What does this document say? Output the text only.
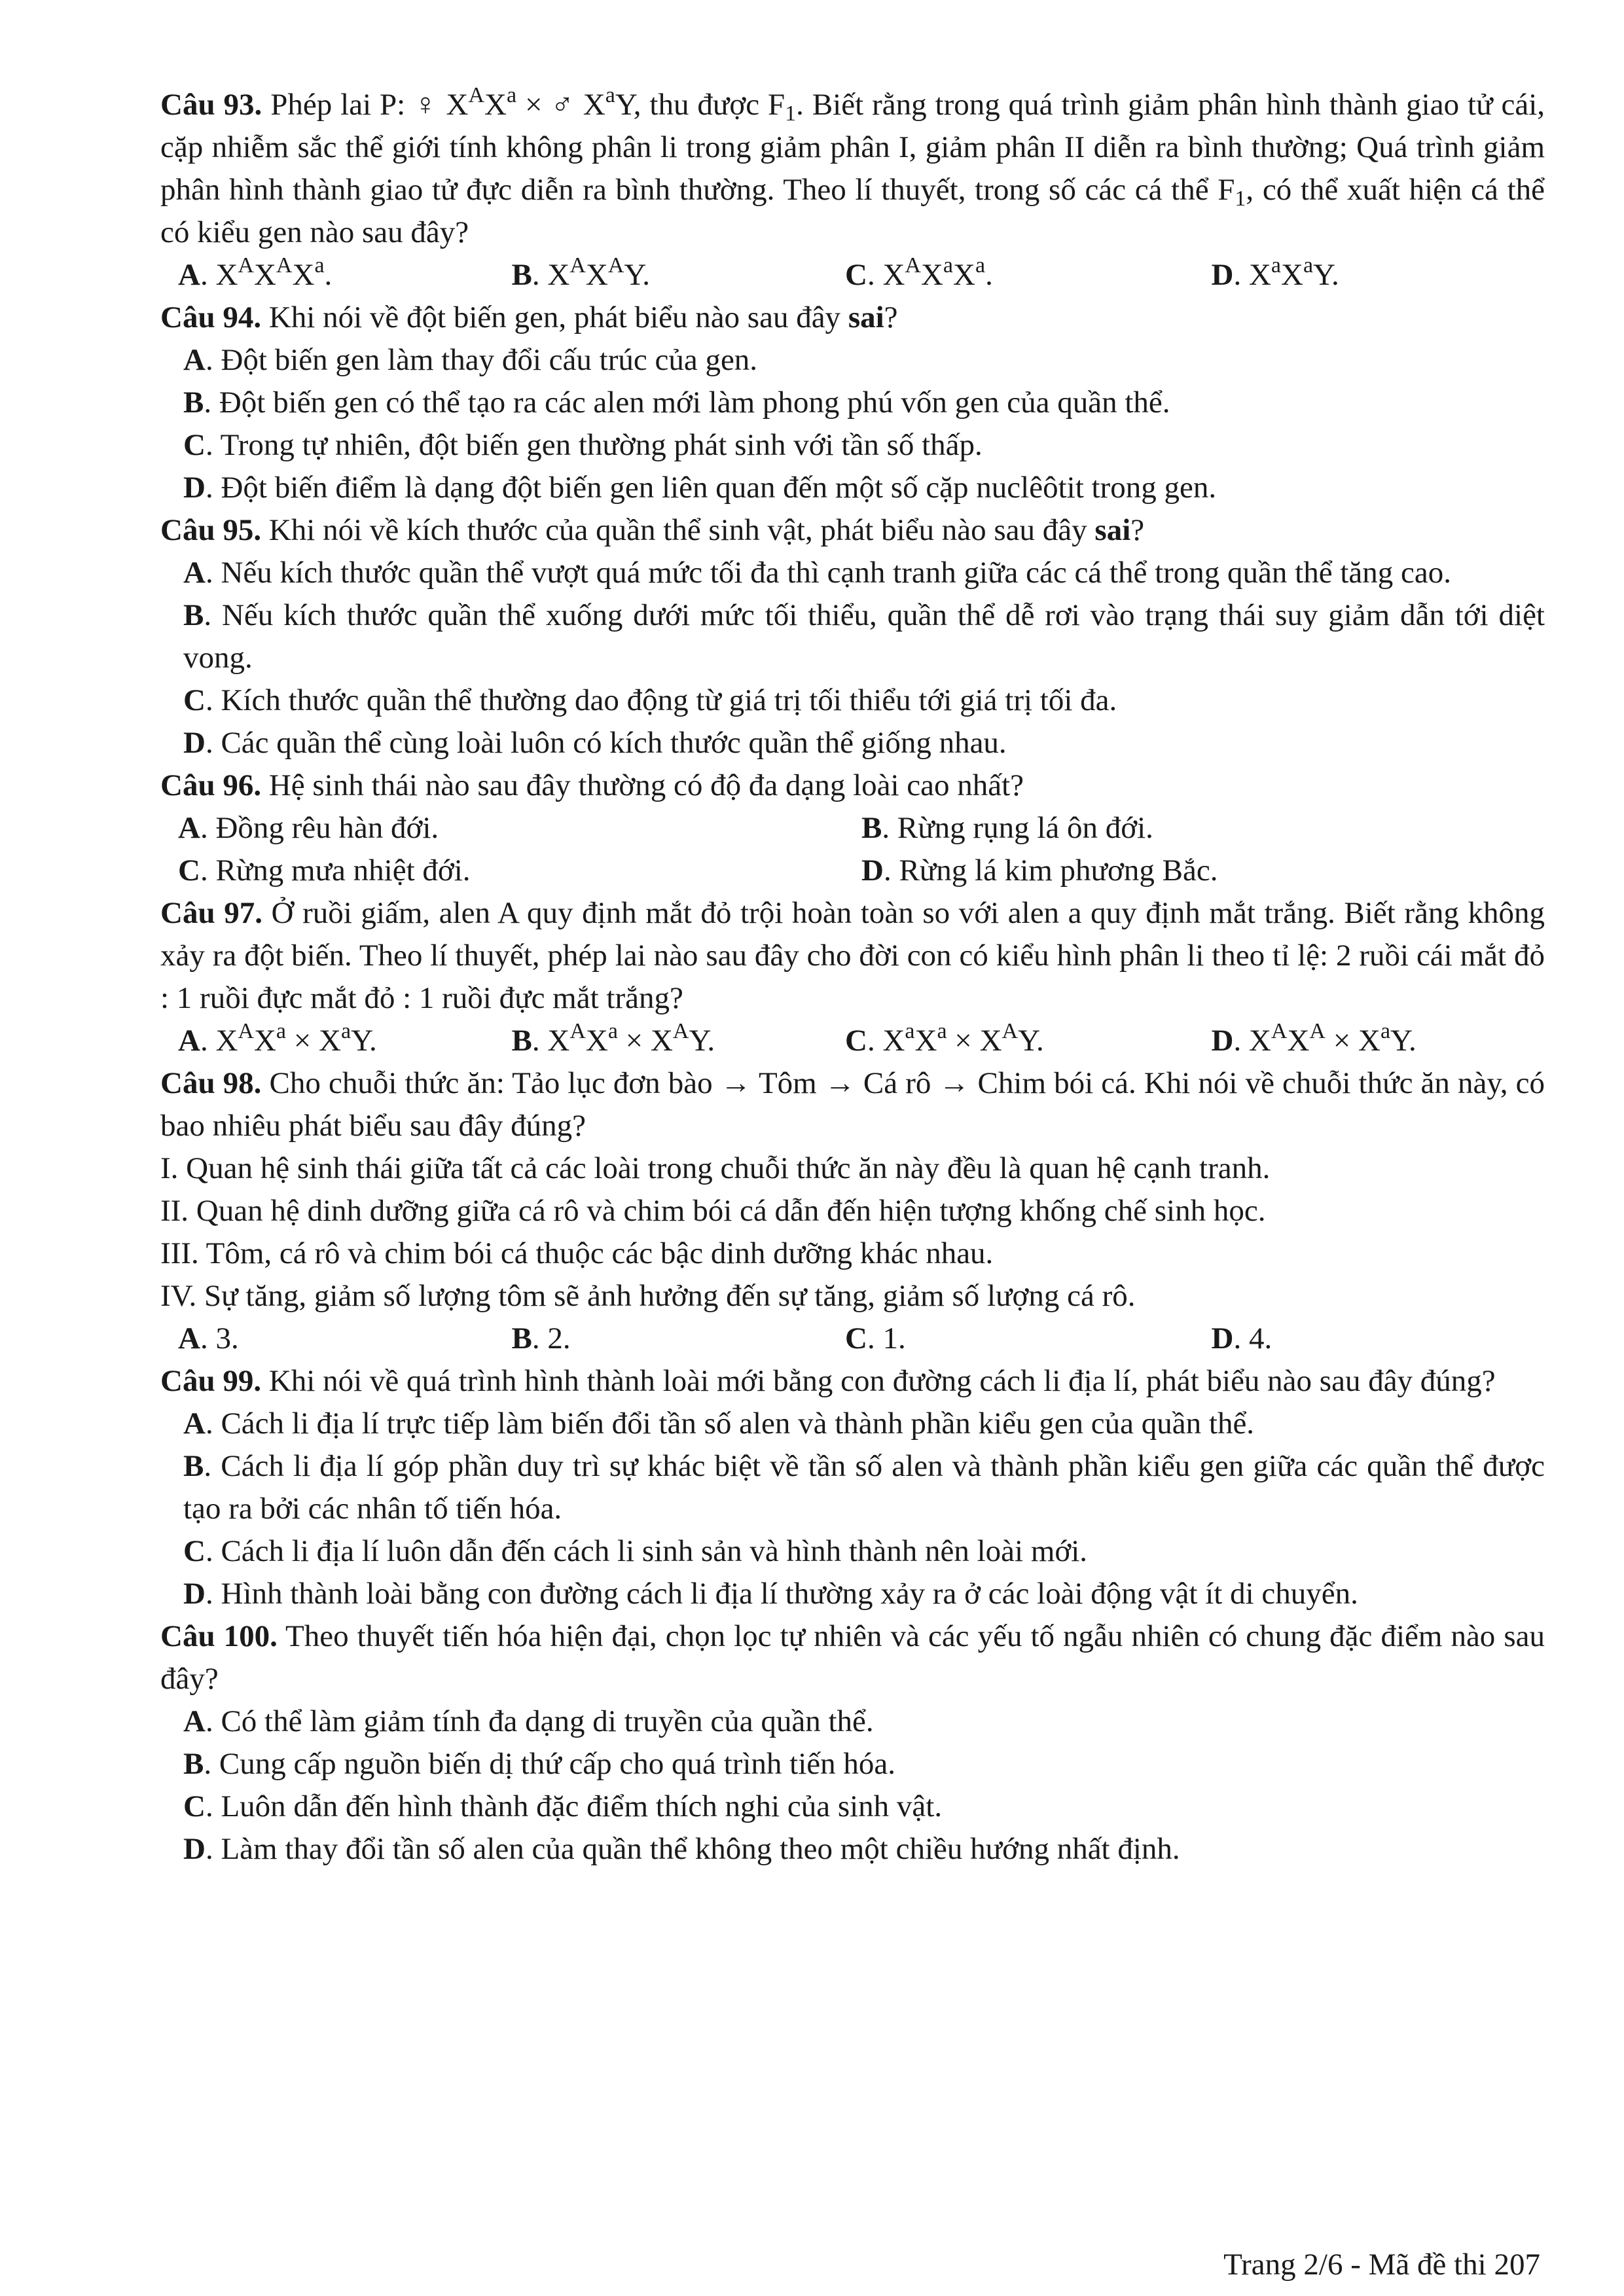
Câu 93. Phép lai P: ♀ $X^AX^a$ × ♂ $X^aY$, thu được $F_1$. Biết rằng trong quá trình giảm phân hình thành giao tử cái, cặp nhiễm sắc thể giới tính không phân li trong giảm phân I, giảm phân II diễn ra bình thường; Quá trình giảm phân hình thành giao tử đực diễn ra bình thường. Theo lí thuyết, trong số các cá thể $F_1$, có thể xuất hiện cá thể có kiểu gen nào sau đây?
A. $X^AX^AX^a$.	B. $X^AX^AY$.	C. $X^AX^aX^a$.	D. $X^aX^aY$.
Câu 94. Khi nói về đột biến gen, phát biểu nào sau đây sai?
A. Đột biến gen làm thay đổi cấu trúc của gen.
B. Đột biến gen có thể tạo ra các alen mới làm phong phú vốn gen của quần thể.
C. Trong tự nhiên, đột biến gen thường phát sinh với tần số thấp.
D. Đột biến điểm là dạng đột biến gen liên quan đến một số cặp nuclêôtit trong gen.
Câu 95. Khi nói về kích thước của quần thể sinh vật, phát biểu nào sau đây sai?
A. Nếu kích thước quần thể vượt quá mức tối đa thì cạnh tranh giữa các cá thể trong quần thể tăng cao.
B. Nếu kích thước quần thể xuống dưới mức tối thiểu, quần thể dễ rơi vào trạng thái suy giảm dẫn tới diệt vong.
C. Kích thước quần thể thường dao động từ giá trị tối thiểu tới giá trị tối đa.
D. Các quần thể cùng loài luôn có kích thước quần thể giống nhau.
Câu 96. Hệ sinh thái nào sau đây thường có độ đa dạng loài cao nhất?
A. Đồng rêu hàn đới.	B. Rừng rụng lá ôn đới.
C. Rừng mưa nhiệt đới.	D. Rừng lá kim phương Bắc.
Câu 97. Ở ruồi giấm, alen A quy định mắt đỏ trội hoàn toàn so với alen a quy định mắt trắng. Biết rằng không xảy ra đột biến. Theo lí thuyết, phép lai nào sau đây cho đời con có kiểu hình phân li theo tỉ lệ: 2 ruồi cái mắt đỏ : 1 ruồi đực mắt đỏ : 1 ruồi đực mắt trắng?
A. $X^AX^a \times X^aY$.	B. $X^AX^a \times X^AY$.	C. $X^aX^a \times X^AY$.	D. $X^AX^A \times X^aY$.
Câu 98. Cho chuỗi thức ăn: Tảo lục đơn bào → Tôm → Cá rô → Chim bói cá. Khi nói về chuỗi thức ăn này, có bao nhiêu phát biểu sau đây đúng?
I. Quan hệ sinh thái giữa tất cả các loài trong chuỗi thức ăn này đều là quan hệ cạnh tranh.
II. Quan hệ dinh dưỡng giữa cá rô và chim bói cá dẫn đến hiện tượng khống chế sinh học.
III. Tôm, cá rô và chim bói cá thuộc các bậc dinh dưỡng khác nhau.
IV. Sự tăng, giảm số lượng tôm sẽ ảnh hưởng đến sự tăng, giảm số lượng cá rô.
A. 3.	B. 2.	C. 1.	D. 4.
Câu 99. Khi nói về quá trình hình thành loài mới bằng con đường cách li địa lí, phát biểu nào sau đây đúng?
A. Cách li địa lí trực tiếp làm biến đổi tần số alen và thành phần kiểu gen của quần thể.
B. Cách li địa lí góp phần duy trì sự khác biệt về tần số alen và thành phần kiểu gen giữa các quần thể được tạo ra bởi các nhân tố tiến hóa.
C. Cách li địa lí luôn dẫn đến cách li sinh sản và hình thành nên loài mới.
D. Hình thành loài bằng con đường cách li địa lí thường xảy ra ở các loài động vật ít di chuyển.
Câu 100. Theo thuyết tiến hóa hiện đại, chọn lọc tự nhiên và các yếu tố ngẫu nhiên có chung đặc điểm nào sau đây?
A. Có thể làm giảm tính đa dạng di truyền của quần thể.
B. Cung cấp nguồn biến dị thứ cấp cho quá trình tiến hóa.
C. Luôn dẫn đến hình thành đặc điểm thích nghi của sinh vật.
D. Làm thay đổi tần số alen của quần thể không theo một chiều hướng nhất định.
Trang 2/6 - Mã đề thi 207
